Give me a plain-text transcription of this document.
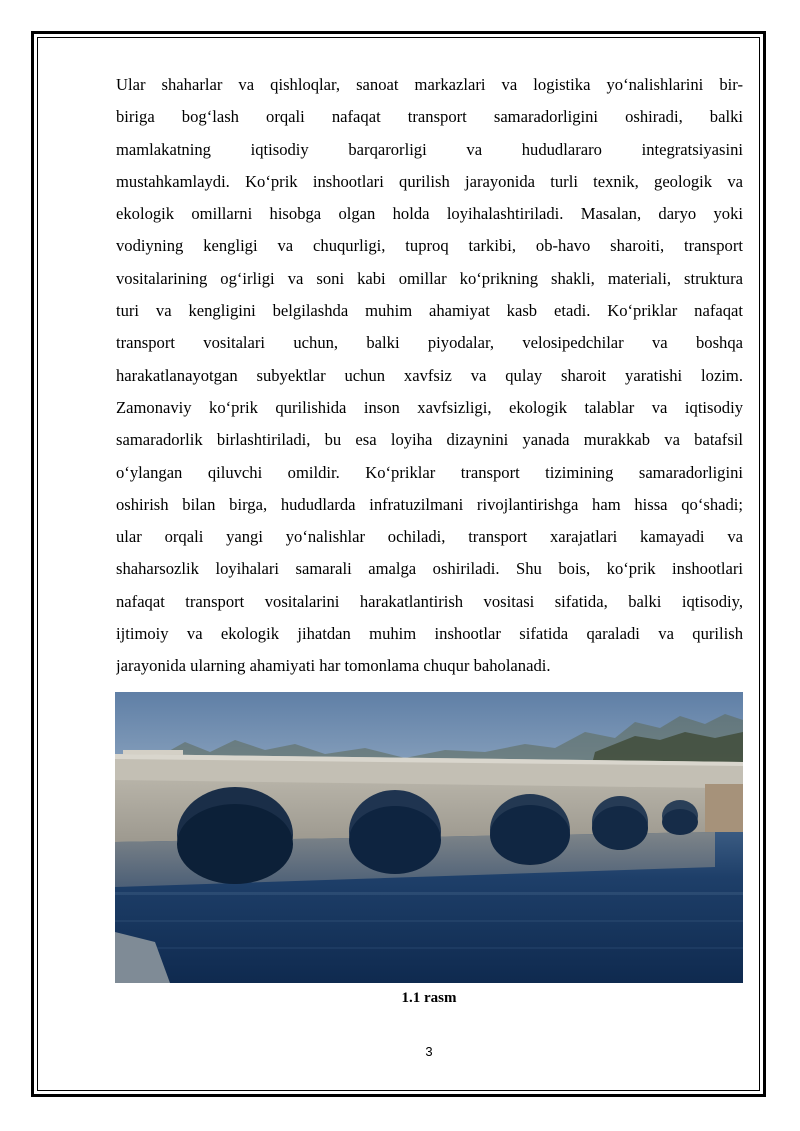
Ular shaharlar va qishloqlar, sanoat markazlari va logistika yo‘nalishlarini bir-
biriga bog‘lash orqali nafaqat transport samaradorligini oshiradi, balki
mamlakatning iqtisodiy barqarorligi va hududlararo integratsiyasini
mustahkamlaydi. Ko‘prik inshootlari qurilish jarayonida turli texnik, geologik va
ekologik omillarni hisobga olgan holda loyihalashtiriladi. Masalan, daryo yoki
vodiyning kengligi va chuqurligi, tuproq tarkibi, ob-havo sharoiti, transport
vositalarining og‘irligi va soni kabi omillar ko‘prikning shakli, materiali, struktura
turi va kengligini belgilashda muhim ahamiyat kasb etadi. Ko‘priklar nafaqat
transport vositalari uchun, balki piyodalar, velosipedchilar va boshqa
harakatlanayotgan subyektlar uchun xavfsiz va qulay sharoit yaratishi lozim.
Zamonaviy ko‘prik qurilishida inson xavfsizligi, ekologik talablar va iqtisodiy
samaradorlik birlashtiriladi, bu esa loyiha dizaynini yanada murakkab va batafsil
o‘ylangan qiluvchi omildir. Ko‘priklar transport tizimining samaradorligini
oshirish bilan birga, hududlarda infratuzilmani rivojlantirishga ham hissa qo‘shadi;
ular orqali yangi yo‘nalishlar ochiladi, transport xarajatlari kamayadi va
shaharsozlik loyihalari samarali amalga oshiriladi. Shu bois, ko‘prik inshootlari
nafaqat transport vositalarini harakatlantirish vositasi sifatida, balki iqtisodiy,
ijtimoiy va ekologik jihatdan muhim inshootlar sifatida qaraladi va qurilish
jarayonida ularning ahamiyati har tomonlama chuqur baholanadi.
1.1 rasm
3
